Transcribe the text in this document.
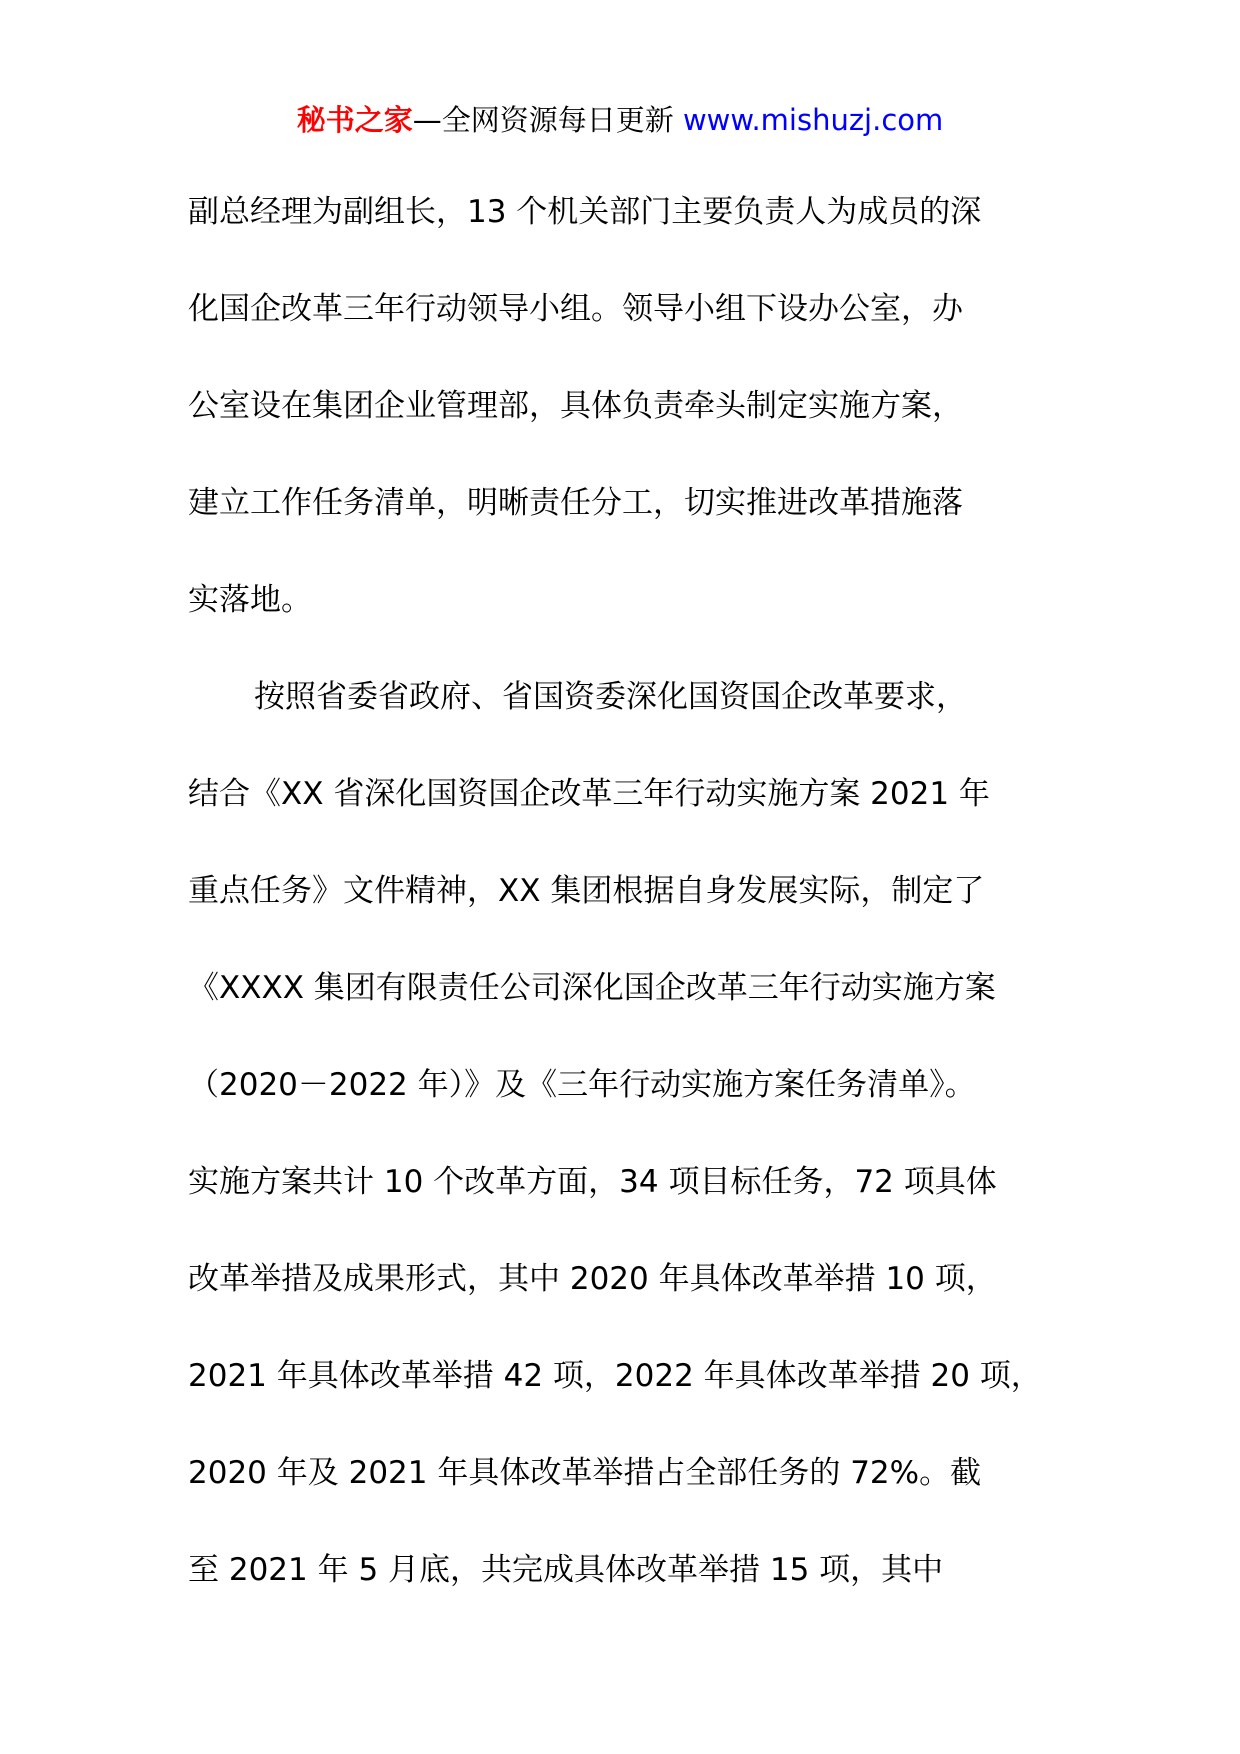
秘书之家—全网资源每日更新 www.mishuzj.com
副总经理为副组长，13 个机关部门主要负责人为成员的深
化国企改革三年行动领导小组。领导小组下设办公室，办
公室设在集团企业管理部，具体负责牵头制定实施方案，
建立工作任务清单，明晰责任分工，切实推进改革措施落
实落地。
按照省委省政府、省国资委深化国资国企改革要求，
结合《XX 省深化国资国企改革三年行动实施方案 2021 年
重点任务》文件精神，XX 集团根据自身发展实际，制定了
《XXXX 集团有限责任公司深化国企改革三年行动实施方案
（2020－2022 年）》及《三年行动实施方案任务清单》。
实施方案共计 10 个改革方面，34 项目标任务，72 项具体
改革举措及成果形式，其中 2020 年具体改革举措 10 项，
2021 年具体改革举措 42 项，2022 年具体改革举措 20 项，
2020 年及 2021 年具体改革举措占全部任务的 72%。截
至 2021 年 5 月底，共完成具体改革举措 15 项，其中
